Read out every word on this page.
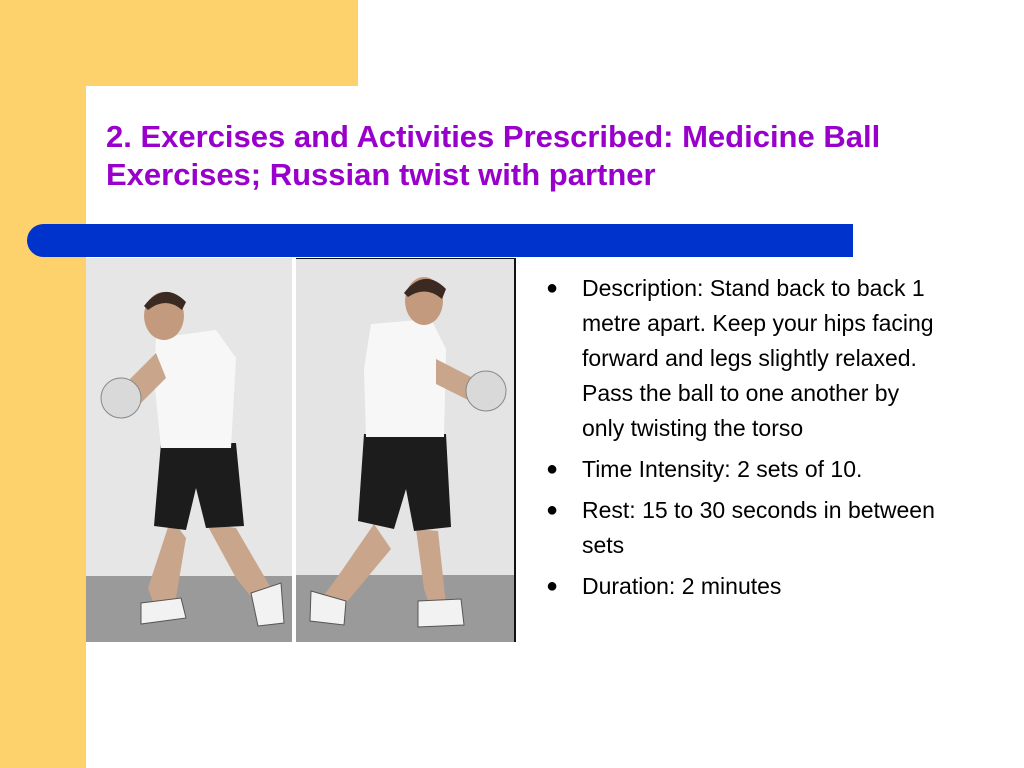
2. Exercises and Activities Prescribed: Medicine Ball Exercises; Russian twist with partner
● Description: Stand back to back 1 metre apart. Keep your hips facing forward and legs slightly relaxed. Pass the ball to one another by only twisting the torso
● Time Intensity: 2 sets of 10.
● Rest: 15 to 30 seconds in between sets
● Duration: 2 minutes
